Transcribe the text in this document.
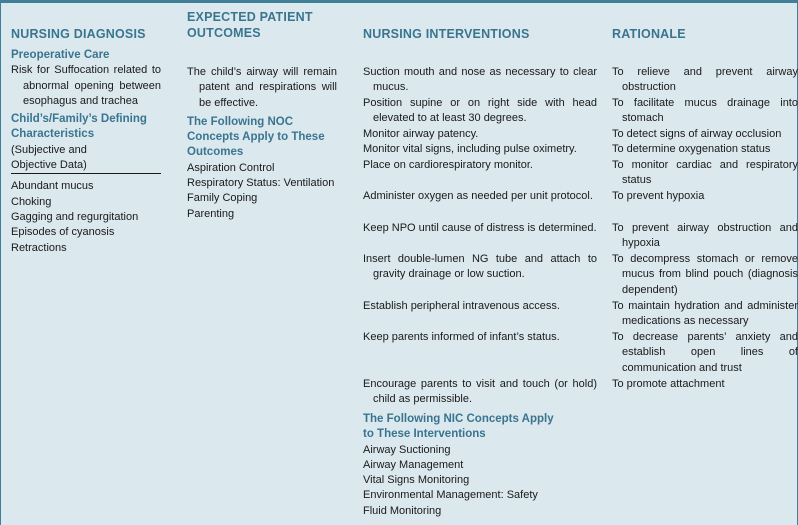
NURSING DIAGNOSIS
EXPECTED PATIENT
OUTCOMES	NURSING INTERVENTIONS	RATIONALE
Preoperative Care
Risk for Suffocation related to abnormal opening between esophagus and trachea
Child’s/Family’s Defining Characteristics
(Subjective and
Objective Data)
Abundant mucus
Choking
Gagging and regurgitation
Episodes of cyanosis
Retractions
The child’s airway will remain patent and respirations will be effective.
The Following NOC Concepts Apply to These Outcomes
Aspiration Control
Respiratory Status: Ventilation
Family Coping
Parenting
Suction mouth and nose as necessary to clear mucus.
Position supine or on right side with head elevated to at least 30 degrees.
Monitor airway patency.
Monitor vital signs, including pulse oximetry.
Place on cardiorespiratory monitor.
Administer oxygen as needed per unit protocol.
Keep NPO until cause of distress is determined.
Insert double-lumen NG tube and attach to gravity drainage or low suction.
Establish peripheral intravenous access.
Keep parents informed of infant’s status.
Encourage parents to visit and touch (or hold) child as permissible.
The Following NIC Concepts Apply to These Interventions
Airway Suctioning
Airway Management
Vital Signs Monitoring
Environmental Management: Safety
Fluid Monitoring
To relieve and prevent airway obstruction
To facilitate mucus drainage into stomach
To detect signs of airway occlusion
To determine oxygenation status
To monitor cardiac and respiratory status
To prevent hypoxia
To prevent airway obstruction and hypoxia
To decompress stomach or remove mucus from blind pouch (diagnosis dependent)
To maintain hydration and administer medications as necessary
To decrease parents’ anxiety and establish open lines of communication and trust
To promote attachment
